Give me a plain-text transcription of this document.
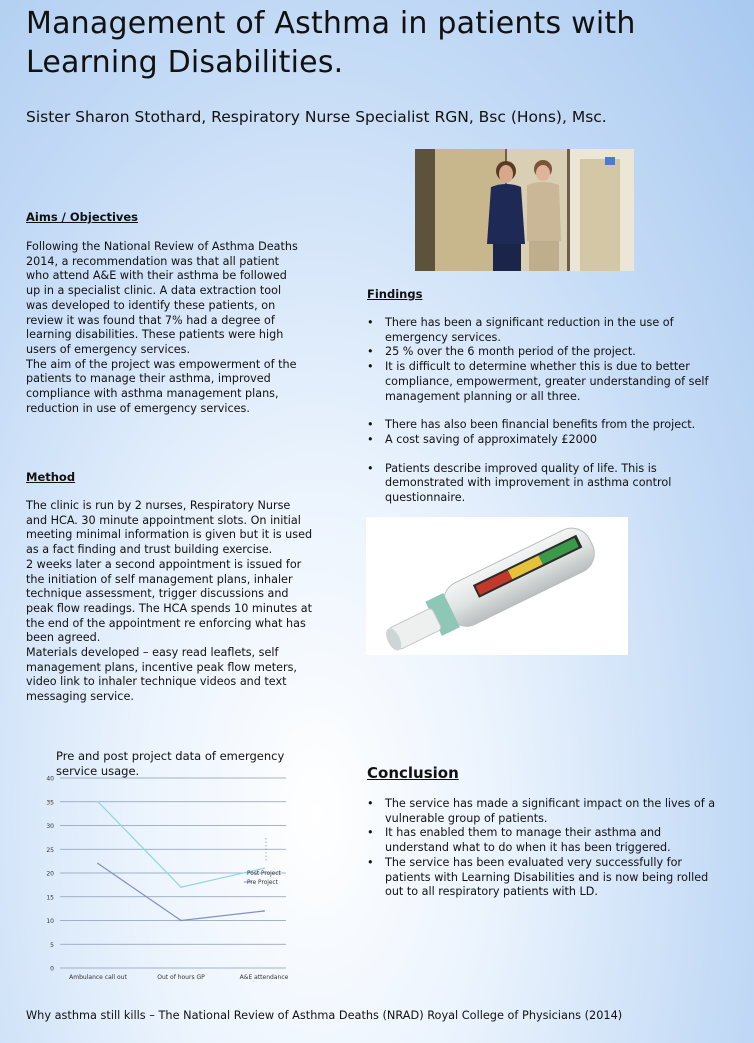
Management of Asthma in patients with Learning Disabilities.
Sister Sharon Stothard, Respiratory Nurse Specialist RGN, Bsc (Hons), Msc.
Aims / Objectives

Following the National Review of Asthma Deaths 2014, a recommendation was that all patient who attend A&E with their asthma be followed up in a specialist clinic. A data extraction tool was developed to identify these patients, on review it was found that 7% had a degree of learning disabilities. These patients were high users of emergency services.

The aim of the project was empowerment of the patients to manage their asthma, improved compliance with asthma management plans, reduction in use of emergency services.

Method

The clinic is run by 2 nurses, Respiratory Nurse and HCA. 30 minute appointment slots. On initial meeting minimal information is given but it is used as a fact finding and trust building exercise.

2 weeks later a second appointment is issued for the initiation of self management plans, inhaler technique assessment, trigger discussions and peak flow readings. The HCA spends 10 minutes at the end of the appointment re enforcing what has been agreed.

Materials developed – easy read leaflets, self management plans, incentive peak flow meters, video link to inhaler technique videos and text messaging service.

Findings
• There has been a significant reduction in the use of emergency services.
• 25 % over the 6 month period of the project.
• It is difficult to determine whether this is due to better compliance, empowerment, greater understanding of self management planning or all three.
• There has also been financial benefits from the project.
• A cost saving of approximately £2000
• Patients describe improved quality of life. This is demonstrated with improvement in asthma control questionnaire.
Pre and post project data of emergency service usage.
0
5
10
15
20
25
30
35
40
Ambulance call out	Out of hours GP	A&E attendance
Post Project
Pre Project
Conclusion
• The service has made a significant impact on the lives of a vulnerable group of patients.
• It has enabled them to manage their asthma and understand what to do when it has been triggered.
• The service has been evaluated very successfully for patients with Learning Disabilities and is now being rolled out to all respiratory patients with LD.
Why asthma still kills – The National Review of Asthma Deaths (NRAD) Royal College of Physicians (2014)
